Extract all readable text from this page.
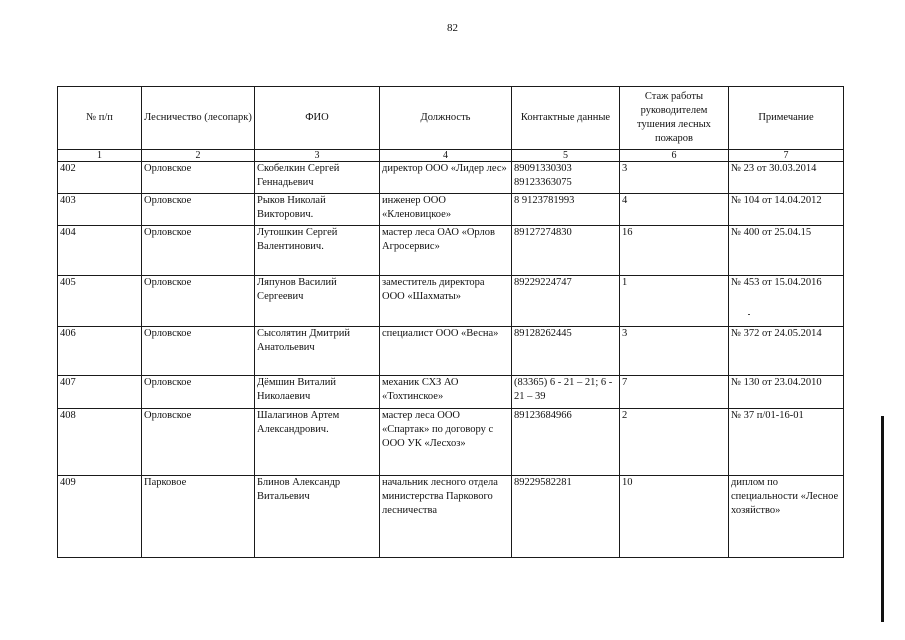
82
№ п/п	Лесничество (лесопарк)	ФИО	Должность	Контактные данные	Стаж работы руководителем тушения лесных пожаров	Примечание
1	2	3	4	5	6	7
402	Орловское	Скобелкин Сергей Геннадьевич	директор ООО «Лидер лес»	89091330303 89123363075	3	№ 23 от 30.03.2014
403	Орловское	Рыков Николай Викторович.	инженер ООО «Кленовицкое»	8 9123781993	4	№ 104 от 14.04.2012
404	Орловское	Лутошкин Сергей Валентинович.	мастер леса ОАО «Орлов Агросервис»	89127274830	16	№ 400 от 25.04.15
405	Орловское	Ляпунов Василий Сергеевич	заместитель директора ООО «Шахматы»	89229224747	1	№ 453 от 15.04.2016
406	Орловское	Сысолятин Дмитрий Анатольевич	специалист ООО «Весна»	89128262445	3	№ 372 от 24.05.2014
407	Орловское	Дёмшин Виталий Николаевич	механик СХЗ АО «Тохтинское»	(83365) 6 - 21 – 21; 6 - 21 – 39	7	№ 130 от 23.04.2010
408	Орловское	Шалагинов Артем Александрович.	мастер леса ООО «Спартак» по договору с ООО УК «Лесхоз»	89123684966	2	№ 37 п/01-16-01
409	Парковое	Блинов Александр Витальевич	начальник лесного отдела министерства Паркового лесничества	89229582281	10	диплом по специальности «Лесное хозяйство»
